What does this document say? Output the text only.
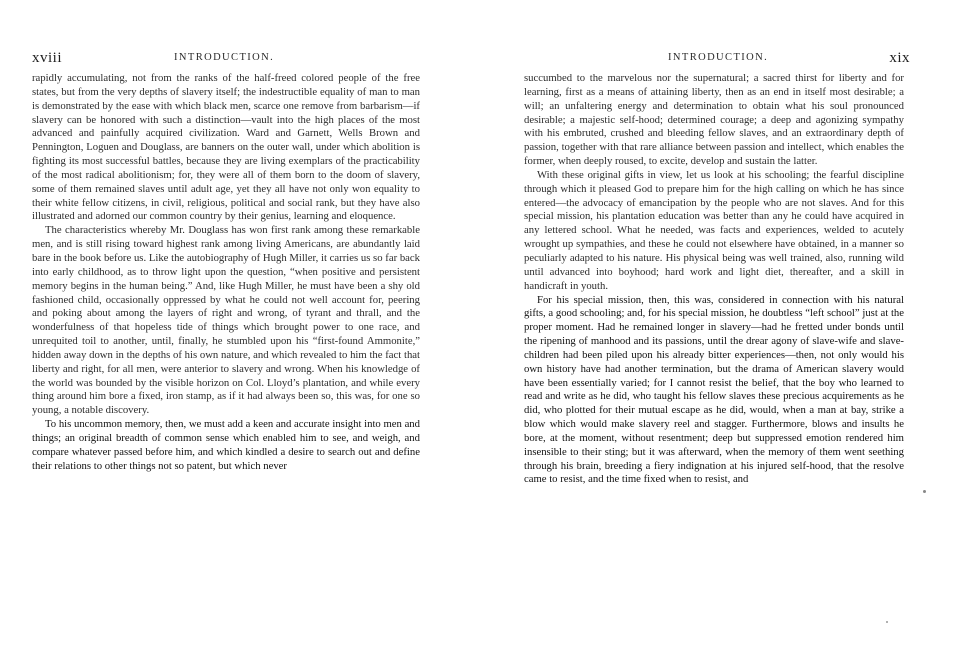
xviii	INTRODUCTION.

rapidly accumulating, not from the ranks of the half-freed colored people of the free states, but from the very depths of slavery itself; the indestructible equality of man to man is demonstrated by the ease with which black men, scarce one remove from barbarism—if slavery can be honored with such a distinction—vault into the high places of the most advanced and painfully acquired civilization. Ward and Garnett, Wells Brown and Pennington, Loguen and Douglass, are banners on the outer wall, under which abolition is fighting its most successful battles, because they are living exemplars of the practicability of the most radical abolitionism; for, they were all of them born to the doom of slavery, some of them remained slaves until adult age, yet they all have not only won equality to their white fellow citizens, in civil, religious, political and social rank, but they have also illustrated and adorned our common country by their genius, learning and eloquence.

The characteristics whereby Mr. Douglass has won first rank among these remarkable men, and is still rising toward highest rank among living Americans, are abundantly laid bare in the book before us. Like the autobiography of Hugh Miller, it carries us so far back into early childhood, as to throw light upon the question, “when positive and persistent memory begins in the human being.” And, like Hugh Miller, he must have been a shy old fashioned child, occasionally oppressed by what he could not well account for, peering and poking about among the layers of right and wrong, of tyrant and thrall, and the wonderfulness of that hopeless tide of things which brought power to one race, and unrequited toil to another, until, finally, he stumbled upon his “first-found Ammonite,” hidden away down in the depths of his own nature, and which revealed to him the fact that liberty and right, for all men, were anterior to slavery and wrong. When his knowledge of the world was bounded by the visible horizon on Col. Lloyd’s plantation, and while every thing around him bore a fixed, iron stamp, as if it had always been so, this was, for one so young, a notable discovery.

To his uncommon memory, then, we must add a keen and accurate insight into men and things; an original breadth of common sense which enabled him to see, and weigh, and compare whatever passed before him, and which kindled a desire to search out and define their relations to other things not so patent, but which never

INTRODUCTION.	xix

succumbed to the marvelous nor the supernatural; a sacred thirst for liberty and for learning, first as a means of attaining liberty, then as an end in itself most desirable; a will; an unfaltering energy and determination to obtain what his soul pronounced desirable; a majestic self-hood; determined courage; a deep and agonizing sympathy with his embruted, crushed and bleeding fellow slaves, and an extraordinary depth of passion, together with that rare alliance between passion and intellect, which enables the former, when deeply roused, to excite, develop and sustain the latter.

With these original gifts in view, let us look at his schooling; the fearful discipline through which it pleased God to prepare him for the high calling on which he has since entered—the advocacy of emancipation by the people who are not slaves. And for this special mission, his plantation education was better than any he could have acquired in any lettered school. What he needed, was facts and experiences, welded to acutely wrought up sympathies, and these he could not elsewhere have obtained, in a manner so peculiarly adapted to his nature. His physical being was well trained, also, running wild until advanced into boyhood; hard work and light diet, thereafter, and a skill in handicraft in youth.

For his special mission, then, this was, considered in connection with his natural gifts, a good schooling; and, for his special mission, he doubtless “left school” just at the proper moment. Had he remained longer in slavery—had he fretted under bonds until the ripening of manhood and its passions, until the drear agony of slave-wife and slave-children had been piled upon his already bitter experiences—then, not only would his own history have had another termination, but the drama of American slavery would have been essentially varied; for I cannot resist the belief, that the boy who learned to read and write as he did, who taught his fellow slaves these precious acquirements as he did, who plotted for their mutual escape as he did, would, when a man at bay, strike a blow which would make slavery reel and stagger. Furthermore, blows and insults he bore, at the moment, without resentment; deep but suppressed emotion rendered him insensible to their sting; but it was afterward, when the memory of them went seething through his brain, breeding a fiery indignation at his injured self-hood, that the resolve came to resist, and the time fixed when to resist, and
